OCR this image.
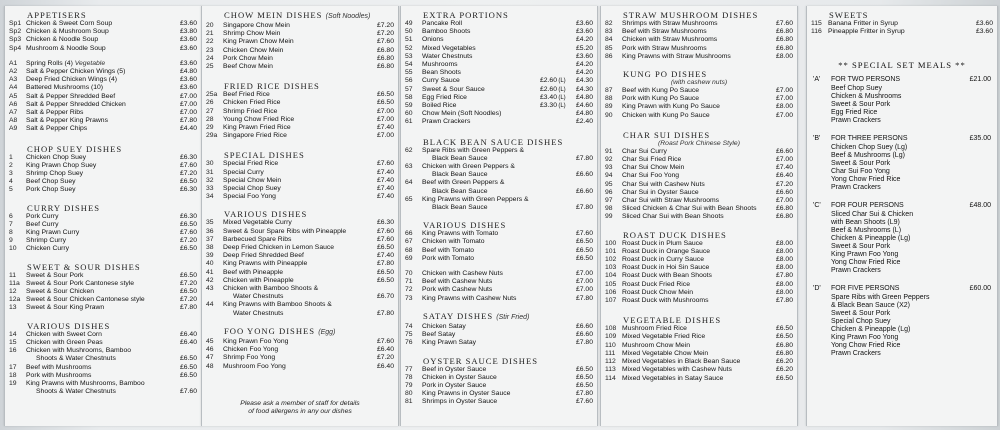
APPETISERS
Sp1 Chicken & Sweet Corn Soup	£3.60
Sp2 Chicken & Mushroom Soup	£3.80
Sp3 Chicken & Noodle Soup	£3.60
Sp4 Mushroom & Noodle Soup	£3.60
A1	Spring Rolls (4) Vegetable	£3.60
A2	Salt & Pepper Chicken Wings (5)	£4.80
A3	Deep Fried Chicken Wings (4)	£3.60
A4	Battered Mushrooms (10)	£3.60
A5	Salt & Pepper Shredded Beef	£7.00
A6	Salt & Pepper Shredded Chicken	£7.00
A7	Salt & Pepper Ribs	£7.00
A8	Salt & Pepper King Prawns	£7.80
A9	Salt & Pepper Chips	£4.40
CHOP SUEY DISHES
1	Chicken Chop Suey	£6.30
2	King Prawn Chop Suey	£7.60
3	Shrimp Chop Suey	£7.20
4	Beef Chop Suey	£6.50
5	Pork Chop Suey	£6.30
CURRY DISHES
6	Pork Curry	£6.30
7	Beef Curry	£6.50
8	King Prawn Curry	£7.60
9	Shrimp Curry	£7.20
10	Chicken Curry	£6.50
SWEET & SOUR DISHES
11	Sweet & Sour Pork	£6.50
11a Sweet & Sour Pork Cantonese style	£7.20
12	Sweet & Sour Chicken	£6.50
12a Sweet & Sour Chicken Cantonese style	£7.20
13	Sweet & Sour King Prawn	£7.80
VARIOUS DISHES
14	Chicken with Sweet Corn	£6.40
15	Chicken with Green Peas	£6.40
16	Chicken with Mushrooms, Bamboo
Shoots & Water Chestnuts	£6.50
17	Beef with Mushrooms	£6.50
18	Pork with Mushrooms	£6.50
19	King Prawns with Mushrooms, Bamboo
Shoots & Water Chestnuts	£7.60
CHOW MEIN DISHES (Soft Noodles)
20	Singapore Chow Mein	£7.20
21	Shrimp Chow Mein	£7.20
22	King Prawn Chow Mein	£7.60
23	Chicken Chow Mein	£6.80
24	Pork Chow Mein	£6.80
25	Beef Chow Mein	£6.80
FRIED RICE DISHES
25a Beef Fried Rice	£6.50
26	Chicken Fried Rice	£6.50
27	Shrimp Fried Rice	£7.00
28	Young Chow Fried Rice	£7.00
29	King Prawn Fried Rice	£7.40
29a Singapore Fried Rice	£7.00
SPECIAL DISHES
30	Special Fried Rice	£7.60
31	Special Curry	£7.40
32	Special Chow Mein	£7.40
33	Special Chop Suey	£7.40
34	Special Foo Yong	£7.40
VARIOUS DISHES
35	Mixed Vegetable Curry	£6.30
36	Sweet & Sour Spare Ribs with Pineapple	£7.60
37	Barbecued Spare Ribs	£7.60
38	Deep Fried Chicken in Lemon Sauce	£6.50
39	Deep Fried Shredded Beef	£7.40
40	King Prawns with Pineapple	£7.80
41	Beef with Pineapple	£6.50
42	Chicken with Pineapple	£6.50
43	Chicken with Bamboo Shoots &
Water Chestnuts	£6.70
44	King Prawns with Bamboo Shoots &
Water Chestnuts	£7.80
FOO YONG DISHES (Egg)
45	King Prawn Foo Yong	£7.60
46	Chicken Foo Yong	£6.40
47	Shrimp Foo Yong	£7.20
48	Mushroom Foo Yong	£6.40
Please ask a member of staff for details
of food allergens in any our dishes
EXTRA PORTIONS
49	Pancake Roll	£3.60
50	Bamboo Shoots	£3.60
51	Onions	£4.20
52	Mixed Vegetables	£5.20
53	Water Chestnuts	£3.60
54	Mushrooms	£4.20
55	Bean Shoots	£4.20
56	Curry Sauce	£2.60 (L)	£4.30
57	Sweet & Sour Sauce	£2.60 (L)	£4.30
58	Egg Fried Rice	£3.40 (L)	£4.80
59	Boiled Rice	£3.30 (L)	£4.60
60	Chow Mein (Soft Noodles)	£4.80
61	Prawn Crackers	£2.40
BLACK BEAN SAUCE DISHES
62	Spare Ribs with Green Peppers &
Black Bean Sauce	£7.80
63	Chicken with Green Peppers &
Black Bean Sauce	£6.60
64	Beef with Green Peppers &
Black Bean Sauce	£6.60
65	King Prawns with Green Peppers &
Black Bean Sauce	£7.80
VARIOUS DISHES
66	King Prawns with Tomato	£7.60
67	Chicken with Tomato	£6.50
68	Beef with Tomato	£6.50
69	Pork with Tomato	£6.50
70	Chicken with Cashew Nuts	£7.00
71	Beef with Cashew Nuts	£7.00
72	Pork with Cashew Nuts	£7.00
73	King Prawns with Cashew Nuts	£7.80
SATAY DISHES (Stir Fried)
74	Chicken Satay	£6.60
75	Beef Satay	£6.60
76	King Prawn Satay	£7.80
OYSTER SAUCE DISHES
77	Beef in Oyster Sauce	£6.50
78	Chicken in Oyster Sauce	£6.50
79	Pork in Oyster Sauce	£6.50
80	King Prawns in Oyster Sauce	£7.80
81	Shrimps in Oyster Sauce	£7.60
STRAW MUSHROOM DISHES
82	Shrimps with Straw Mushrooms	£7.60
83	Beef with Straw Mushrooms	£6.80
84	Chicken with Straw Mushrooms	£6.80
85	Pork with Straw Mushrooms	£6.80
86	King Prawns with Straw Mushrooms	£8.00
KUNG PO DISHES
(with cashew nuts)
87	Beef with Kung Po Sauce	£7.00
88	Pork with Kung Po Sauce	£7.00
89	King Prawn with Kung Po Sauce	£8.00
90	Chicken with Kung Po Sauce	£7.00
CHAR SUI DISHES
(Roast Pork Chinese Style)
91	Char Sui Curry	£6.60
92	Char Sui Fried Rice	£7.00
93	Char Sui Chow Mein	£7.40
94	Char Sui Foo Yong	£6.40
95	Char Sui with Cashew Nuts	£7.20
96	Char Sui in Oyster Sauce	£6.60
97	Char Sui with Straw Mushrooms	£7.00
98	Sliced Chicken & Char Sui with Bean Shoots	£6.80
99	Sliced Char Sui with Bean Shoots	£6.80
ROAST DUCK DISHES
100 Roast Duck in Plum Sauce	£8.00
101 Roast Duck in Orange Sauce	£8.00
102 Roast Duck in Curry Sauce	£8.00
103 Roast Duck in Hoi Sin Sauce	£8.00
104 Roast Duck with Bean Shoots	£7.80
105 Roast Duck Fried Rice	£8.00
106 Roast Duck Chow Mein	£8.00
107 Roast Duck with Mushrooms	£7.80
VEGETABLE DISHES
108 Mushroom Fried Rice	£6.50
109 Mixed Vegetable Fried Rice	£6.50
110 Mushroom Chow Mein	£6.80
111 Mixed Vegetable Chow Mein	£6.80
112 Mixed Vegetables in Black Bean Sauce	£6.20
113 Mixed Vegetables with Cashew Nuts	£6.20
114 Mixed Vegetables in Satay Sauce	£6.50
SWEETS
115 Banana Fritter in Syrup	£3.60
116 Pineapple Fritter in Syrup	£3.60
** SPECIAL SET MEALS **
'A'	FOR TWO PERSONS	£21.00
Beef Chop Suey
Chicken & Mushrooms
Sweet & Sour Pork
Egg Fried Rice
Prawn Crackers
'B'	FOR THREE PERSONS	£35.00
Chicken Chop Suey (Lg)
Beef & Mushrooms (Lg)
Sweet & Sour Pork
Char Sui Foo Yong
Yong Chow Fried Rice
Prawn Crackers
'C'	FOR FOUR PERSONS	£48.00
Sliced Char Sui & Chicken
with Bean Shoots (L9)
Beef & Mushrooms (L)
Chicken & Pineapple (Lg)
Sweet & Sour Pork
King Prawn Foo Yong
Yong Chow Fried Rice
Prawn Crackers
'D'	FOR FIVE PERSONS	£60.00
Spare Ribs with Green Peppers
& Black Bean Sauce (X2)
Sweet & Sour Pork
Special Chop Suey
Chicken & Pineapple (Lg)
King Prawn Foo Yong
Yong Chow Fried Rice
Prawn Crackers
